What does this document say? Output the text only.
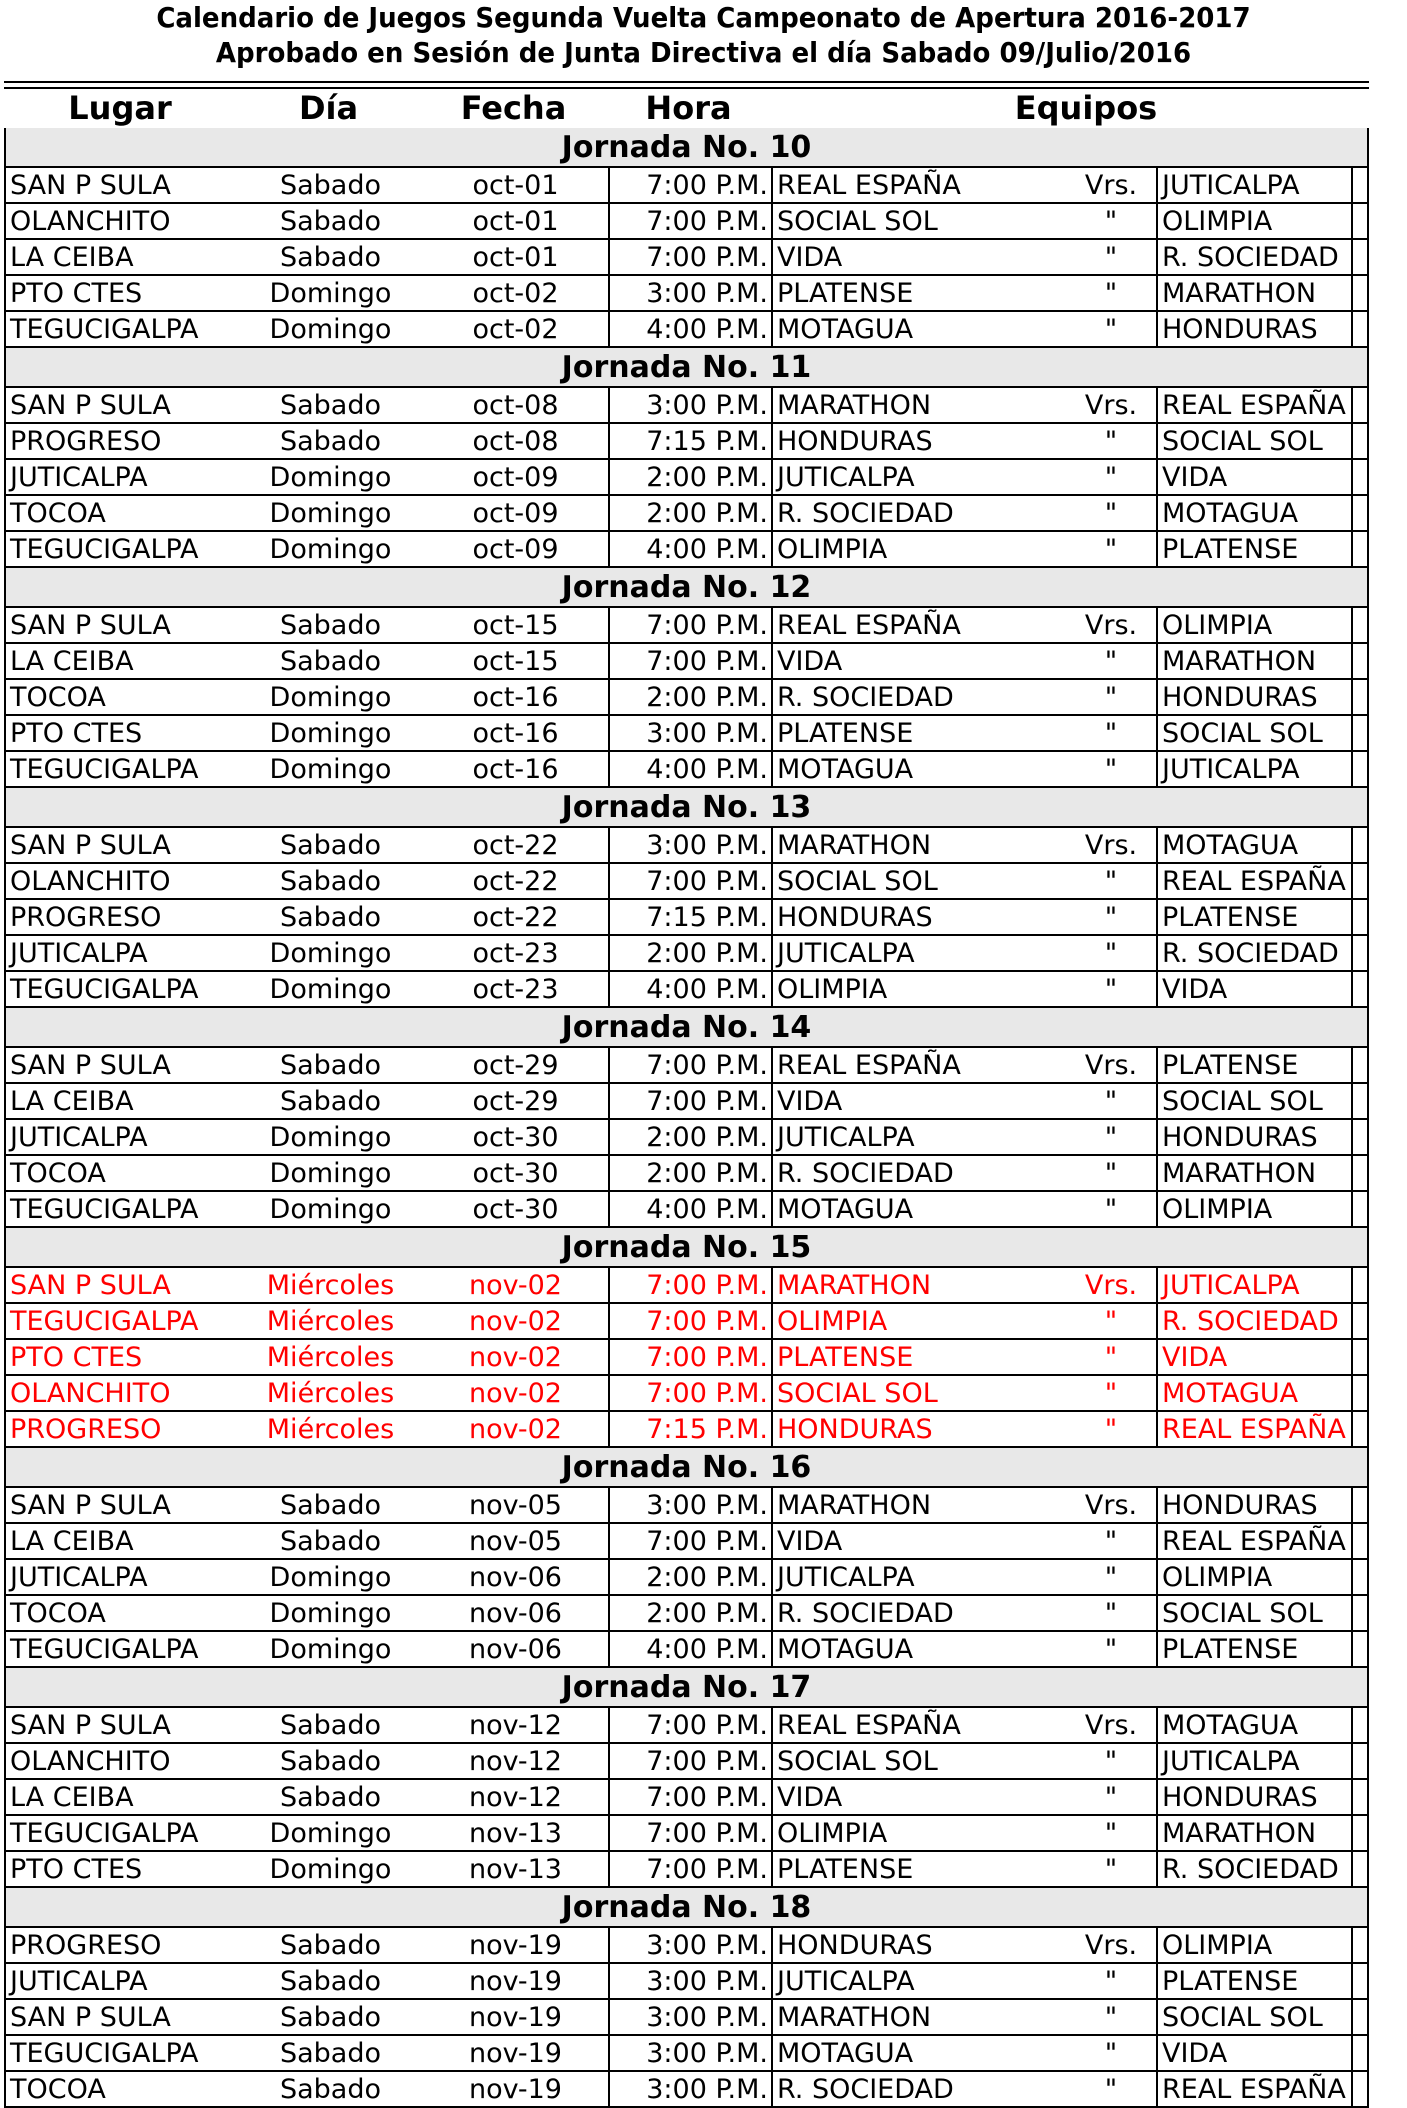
Calendario de Juegos Segunda Vuelta Campeonato de Apertura 2016-2017
Aprobado en Sesión de Junta Directiva el día Sabado 09/Julio/2016
Lugar	Día	Fecha	Hora	Equipos
Jornada No. 10
SAN P SULA	Sabado	oct-01	7:00 P.M. REAL ESPAÑA	Vrs. JUTICALPA
OLANCHITO	Sabado	oct-01	7:00 P.M. SOCIAL SOL	"	OLIMPIA
LA CEIBA	Sabado	oct-01	7:00 P.M. VIDA	"	R. SOCIEDAD
PTO CTES	Domingo	oct-02	3:00 P.M. PLATENSE	"	MARATHON
TEGUCIGALPA	Domingo	oct-02	4:00 P.M. MOTAGUA	"	HONDURAS
Jornada No. 11
SAN P SULA	Sabado	oct-08	3:00 P.M. MARATHON	Vrs. REAL ESPAÑA
PROGRESO	Sabado	oct-08	7:15 P.M. HONDURAS	"	SOCIAL SOL
JUTICALPA	Domingo	oct-09	2:00 P.M. JUTICALPA	"	VIDA
TOCOA	Domingo	oct-09	2:00 P.M. R. SOCIEDAD	"	MOTAGUA
TEGUCIGALPA	Domingo	oct-09	4:00 P.M. OLIMPIA	"	PLATENSE
Jornada No. 12
SAN P SULA	Sabado	oct-15	7:00 P.M. REAL ESPAÑA	Vrs. OLIMPIA
LA CEIBA	Sabado	oct-15	7:00 P.M. VIDA	"	MARATHON
TOCOA	Domingo	oct-16	2:00 P.M. R. SOCIEDAD	"	HONDURAS
PTO CTES	Domingo	oct-16	3:00 P.M. PLATENSE	"	SOCIAL SOL
TEGUCIGALPA	Domingo	oct-16	4:00 P.M. MOTAGUA	"	JUTICALPA
Jornada No. 13
SAN P SULA	Sabado	oct-22	3:00 P.M. MARATHON	Vrs. MOTAGUA
OLANCHITO	Sabado	oct-22	7:00 P.M. SOCIAL SOL	"	REAL ESPAÑA
PROGRESO	Sabado	oct-22	7:15 P.M. HONDURAS	"	PLATENSE
JUTICALPA	Domingo	oct-23	2:00 P.M. JUTICALPA	"	R. SOCIEDAD
TEGUCIGALPA	Domingo	oct-23	4:00 P.M. OLIMPIA	"	VIDA
Jornada No. 14
SAN P SULA	Sabado	oct-29	7:00 P.M. REAL ESPAÑA	Vrs. PLATENSE
LA CEIBA	Sabado	oct-29	7:00 P.M. VIDA	"	SOCIAL SOL
JUTICALPA	Domingo	oct-30	2:00 P.M. JUTICALPA	"	HONDURAS
TOCOA	Domingo	oct-30	2:00 P.M. R. SOCIEDAD	"	MARATHON
TEGUCIGALPA	Domingo	oct-30	4:00 P.M. MOTAGUA	"	OLIMPIA
Jornada No. 15
SAN P SULA	Miércoles	nov-02	7:00 P.M. MARATHON	Vrs. JUTICALPA
TEGUCIGALPA	Miércoles	nov-02	7:00 P.M. OLIMPIA	"	R. SOCIEDAD
PTO CTES	Miércoles	nov-02	7:00 P.M. PLATENSE	"	VIDA
OLANCHITO	Miércoles	nov-02	7:00 P.M. SOCIAL SOL	"	MOTAGUA
PROGRESO	Miércoles	nov-02	7:15 P.M. HONDURAS	"	REAL ESPAÑA
Jornada No. 16
SAN P SULA	Sabado	nov-05	3:00 P.M. MARATHON	Vrs. HONDURAS
LA CEIBA	Sabado	nov-05	7:00 P.M. VIDA	"	REAL ESPAÑA
JUTICALPA	Domingo	nov-06	2:00 P.M. JUTICALPA	"	OLIMPIA
TOCOA	Domingo	nov-06	2:00 P.M. R. SOCIEDAD	"	SOCIAL SOL
TEGUCIGALPA	Domingo	nov-06	4:00 P.M. MOTAGUA	"	PLATENSE
Jornada No. 17
SAN P SULA	Sabado	nov-12	7:00 P.M. REAL ESPAÑA	Vrs. MOTAGUA
OLANCHITO	Sabado	nov-12	7:00 P.M. SOCIAL SOL	"	JUTICALPA
LA CEIBA	Sabado	nov-12	7:00 P.M. VIDA	"	HONDURAS
TEGUCIGALPA	Domingo	nov-13	7:00 P.M. OLIMPIA	"	MARATHON
PTO CTES	Domingo	nov-13	7:00 P.M. PLATENSE	"	R. SOCIEDAD
Jornada No. 18
PROGRESO	Sabado	nov-19	3:00 P.M. HONDURAS	Vrs. OLIMPIA
JUTICALPA	Sabado	nov-19	3:00 P.M. JUTICALPA	"	PLATENSE
SAN P SULA	Sabado	nov-19	3:00 P.M. MARATHON	"	SOCIAL SOL
TEGUCIGALPA	Sabado	nov-19	3:00 P.M. MOTAGUA	"	VIDA
TOCOA	Sabado	nov-19	3:00 P.M. R. SOCIEDAD	"	REAL ESPAÑA
